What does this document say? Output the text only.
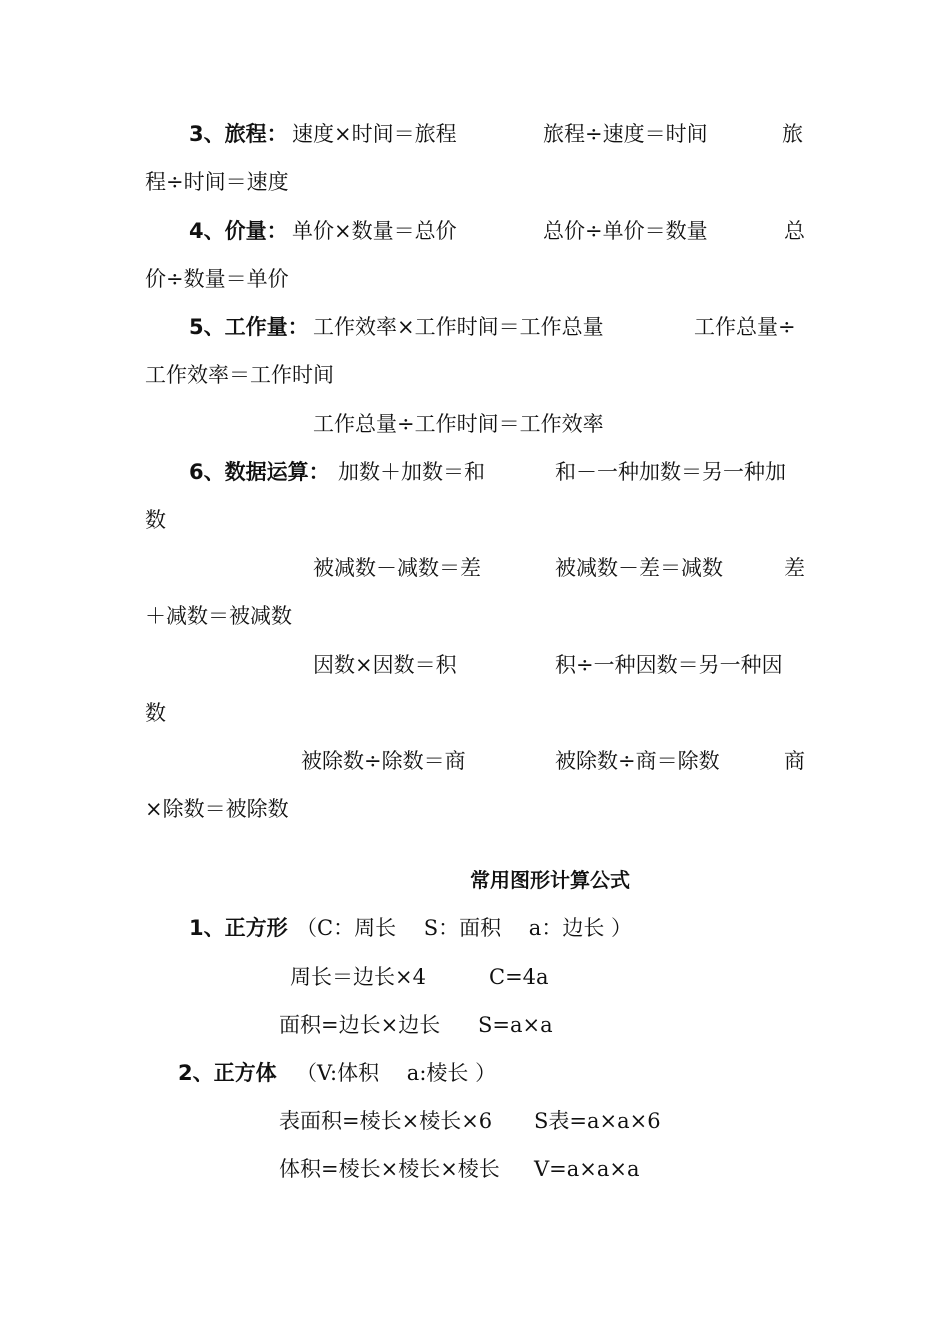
3、旅程： 速度×时间＝旅程	旅程÷速度＝时间	旅
程÷时间＝速度
4、价量： 单价×数量＝总价	总价÷单价＝数量	总
价÷数量＝单价
5、工作量： 工作效率×工作时间＝工作总量	工作总量÷
工作效率＝工作时间
工作总量÷工作时间＝工作效率
6、数据运算： 加数＋加数＝和	和－一种加数＝另一种加
数
被减数－减数＝差	被减数－差＝减数	差
＋减数＝被减数
因数×因数＝积	积÷一种因数＝另一种因
数
被除数÷除数＝商	被除数÷商＝除数	商
×除数＝被除数
常用图形计算公式
1、正方形 （C：周长　 S：面积　 a：边长 ）
周长＝边长×4	C=4a
面积=边长×边长 S=a×a
2、正方体 （V:体积　 a:棱长 ）
表面积=棱长×棱长×6 S表=a×a×6
体积=棱长×棱长×棱长 V=a×a×a
